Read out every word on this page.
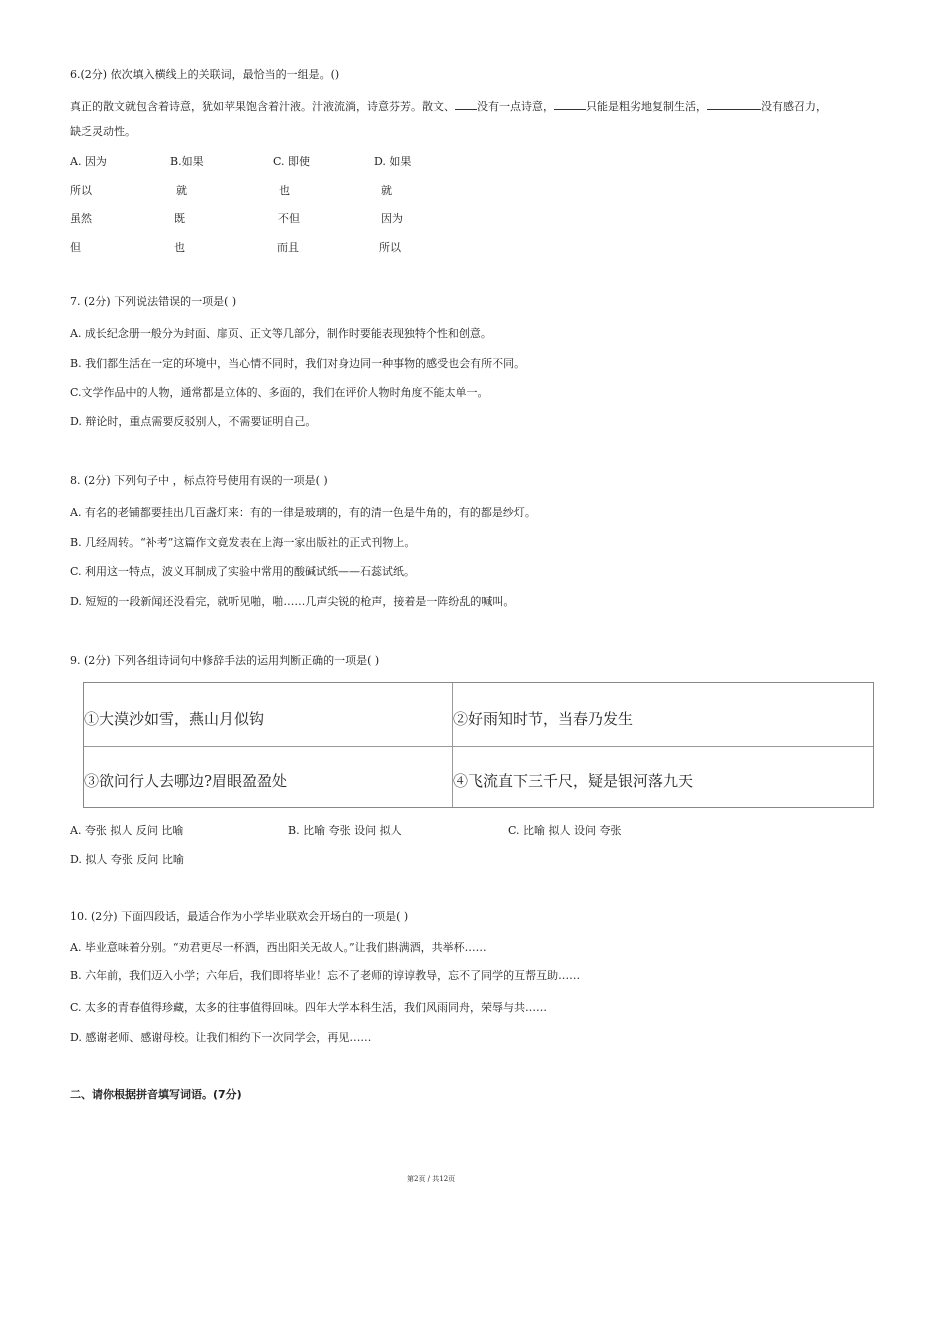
6.(2分) 依次填入横线上的关联词，最恰当的一组是。()
真正的散文就包含着诗意，犹如苹果饱含着汁液。汁液流淌，诗意芬芳。散文、 没有一点诗意，	只能是粗劣地复制生活，	没有感召力，
缺乏灵动性。
A. 因为	B.如果	C. 即使	D. 如果
所以	就	也	就
虽然	既	不但	因为
但	也	而且	所以
7. (2分) 下列说法错误的一项是( )
A. 成长纪念册一般分为封面、扉页、正文等几部分，制作时要能表现独特个性和创意。
B. 我们都生活在一定的环境中，当心情不同时，我们对身边同一种事物的感受也会有所不同。
C.文学作品中的人物，通常都是立体的、多面的，我们在评价人物时角度不能太单一。
D. 辩论时，重点需要反驳别人，不需要证明自己。
8. (2分) 下列句子中 ，标点符号使用有误的一项是( )
A. 有名的老铺都要挂出几百盏灯来：有的一律是玻璃的，有的清一色是牛角的，有的都是纱灯。
B. 几经周转。“补考”这篇作文竟发表在上海一家出版社的正式刊物上。
C. 利用这一特点，波义耳制成了实验中常用的酸碱试纸——石蕊试纸。
D. 短短的一段新闻还没看完，就听见啪，啪……几声尖锐的枪声，接着是一阵纷乱的喊叫。
9. (2分) 下列各组诗词句中修辞手法的运用判断正确的一项是( )
①大漠沙如雪，燕山月似钩	②好雨知时节，当春乃发生
③欲问行人去哪边?眉眼盈盈处	④飞流直下三千尺，疑是银河落九天
A. 夸张 拟人 反问 比喻	B. 比喻 夸张 设问 拟人	C. 比喻 拟人 设问 夸张
D. 拟人 夸张 反问 比喻
10. (2分) 下面四段话，最适合作为小学毕业联欢会开场白的一项是( )
A. 毕业意味着分别。“劝君更尽一杯酒，西出阳关无故人。”让我们斟满酒，共举杯……
B. 六年前，我们迈入小学；六年后，我们即将毕业！忘不了老师的谆谆教导，忘不了同学的互帮互助……
C. 太多的青春值得珍藏，太多的往事值得回味。四年大学本科生活，我们风雨同舟，荣辱与共……
D. 感谢老师、感谢母校。让我们相约下一次同学会，再见……
二、请你根据拼音填写词语。(7分)
第2页 / 共12页
